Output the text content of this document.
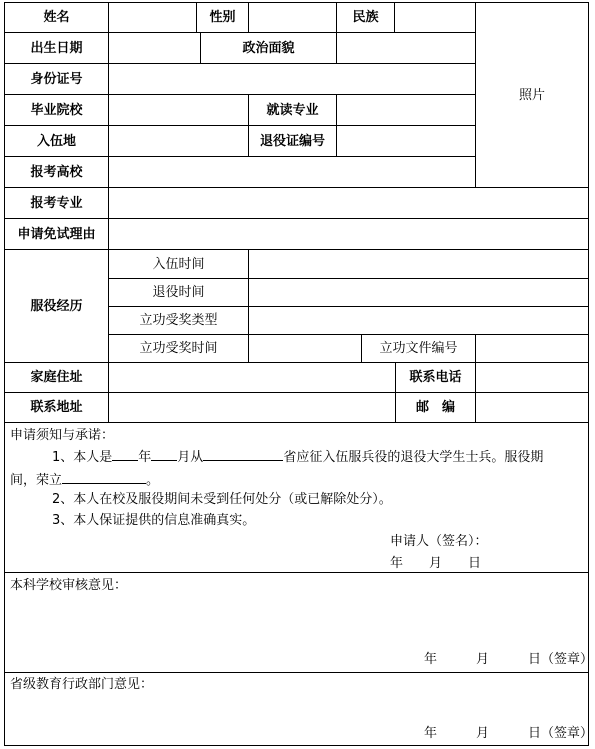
姓名	性别	民族
照片
出生日期	政治面貌
身份证号
毕业院校	就读专业
入伍地	退役证编号
报考高校
报考专业
申请免试理由
服役经历
入伍时间
退役时间
立功受奖类型
立功受奖时间	立功文件编号
家庭住址	联系电话
联系地址	邮　编
申请须知与承诺：
1、本人是 年 月从	省应征入伍服兵役的退役大学生士兵。服役期
间，荣立	。
2、本人在校及服役期间未受到任何处分（或已解除处分）。
3、本人保证提供的信息准确真实。
申请人（签名）：
年　　月　　日
本科学校审核意见：
年　　　月　　　日（签章）
省级教育行政部门意见：
年　　　月　　　日（签章）
